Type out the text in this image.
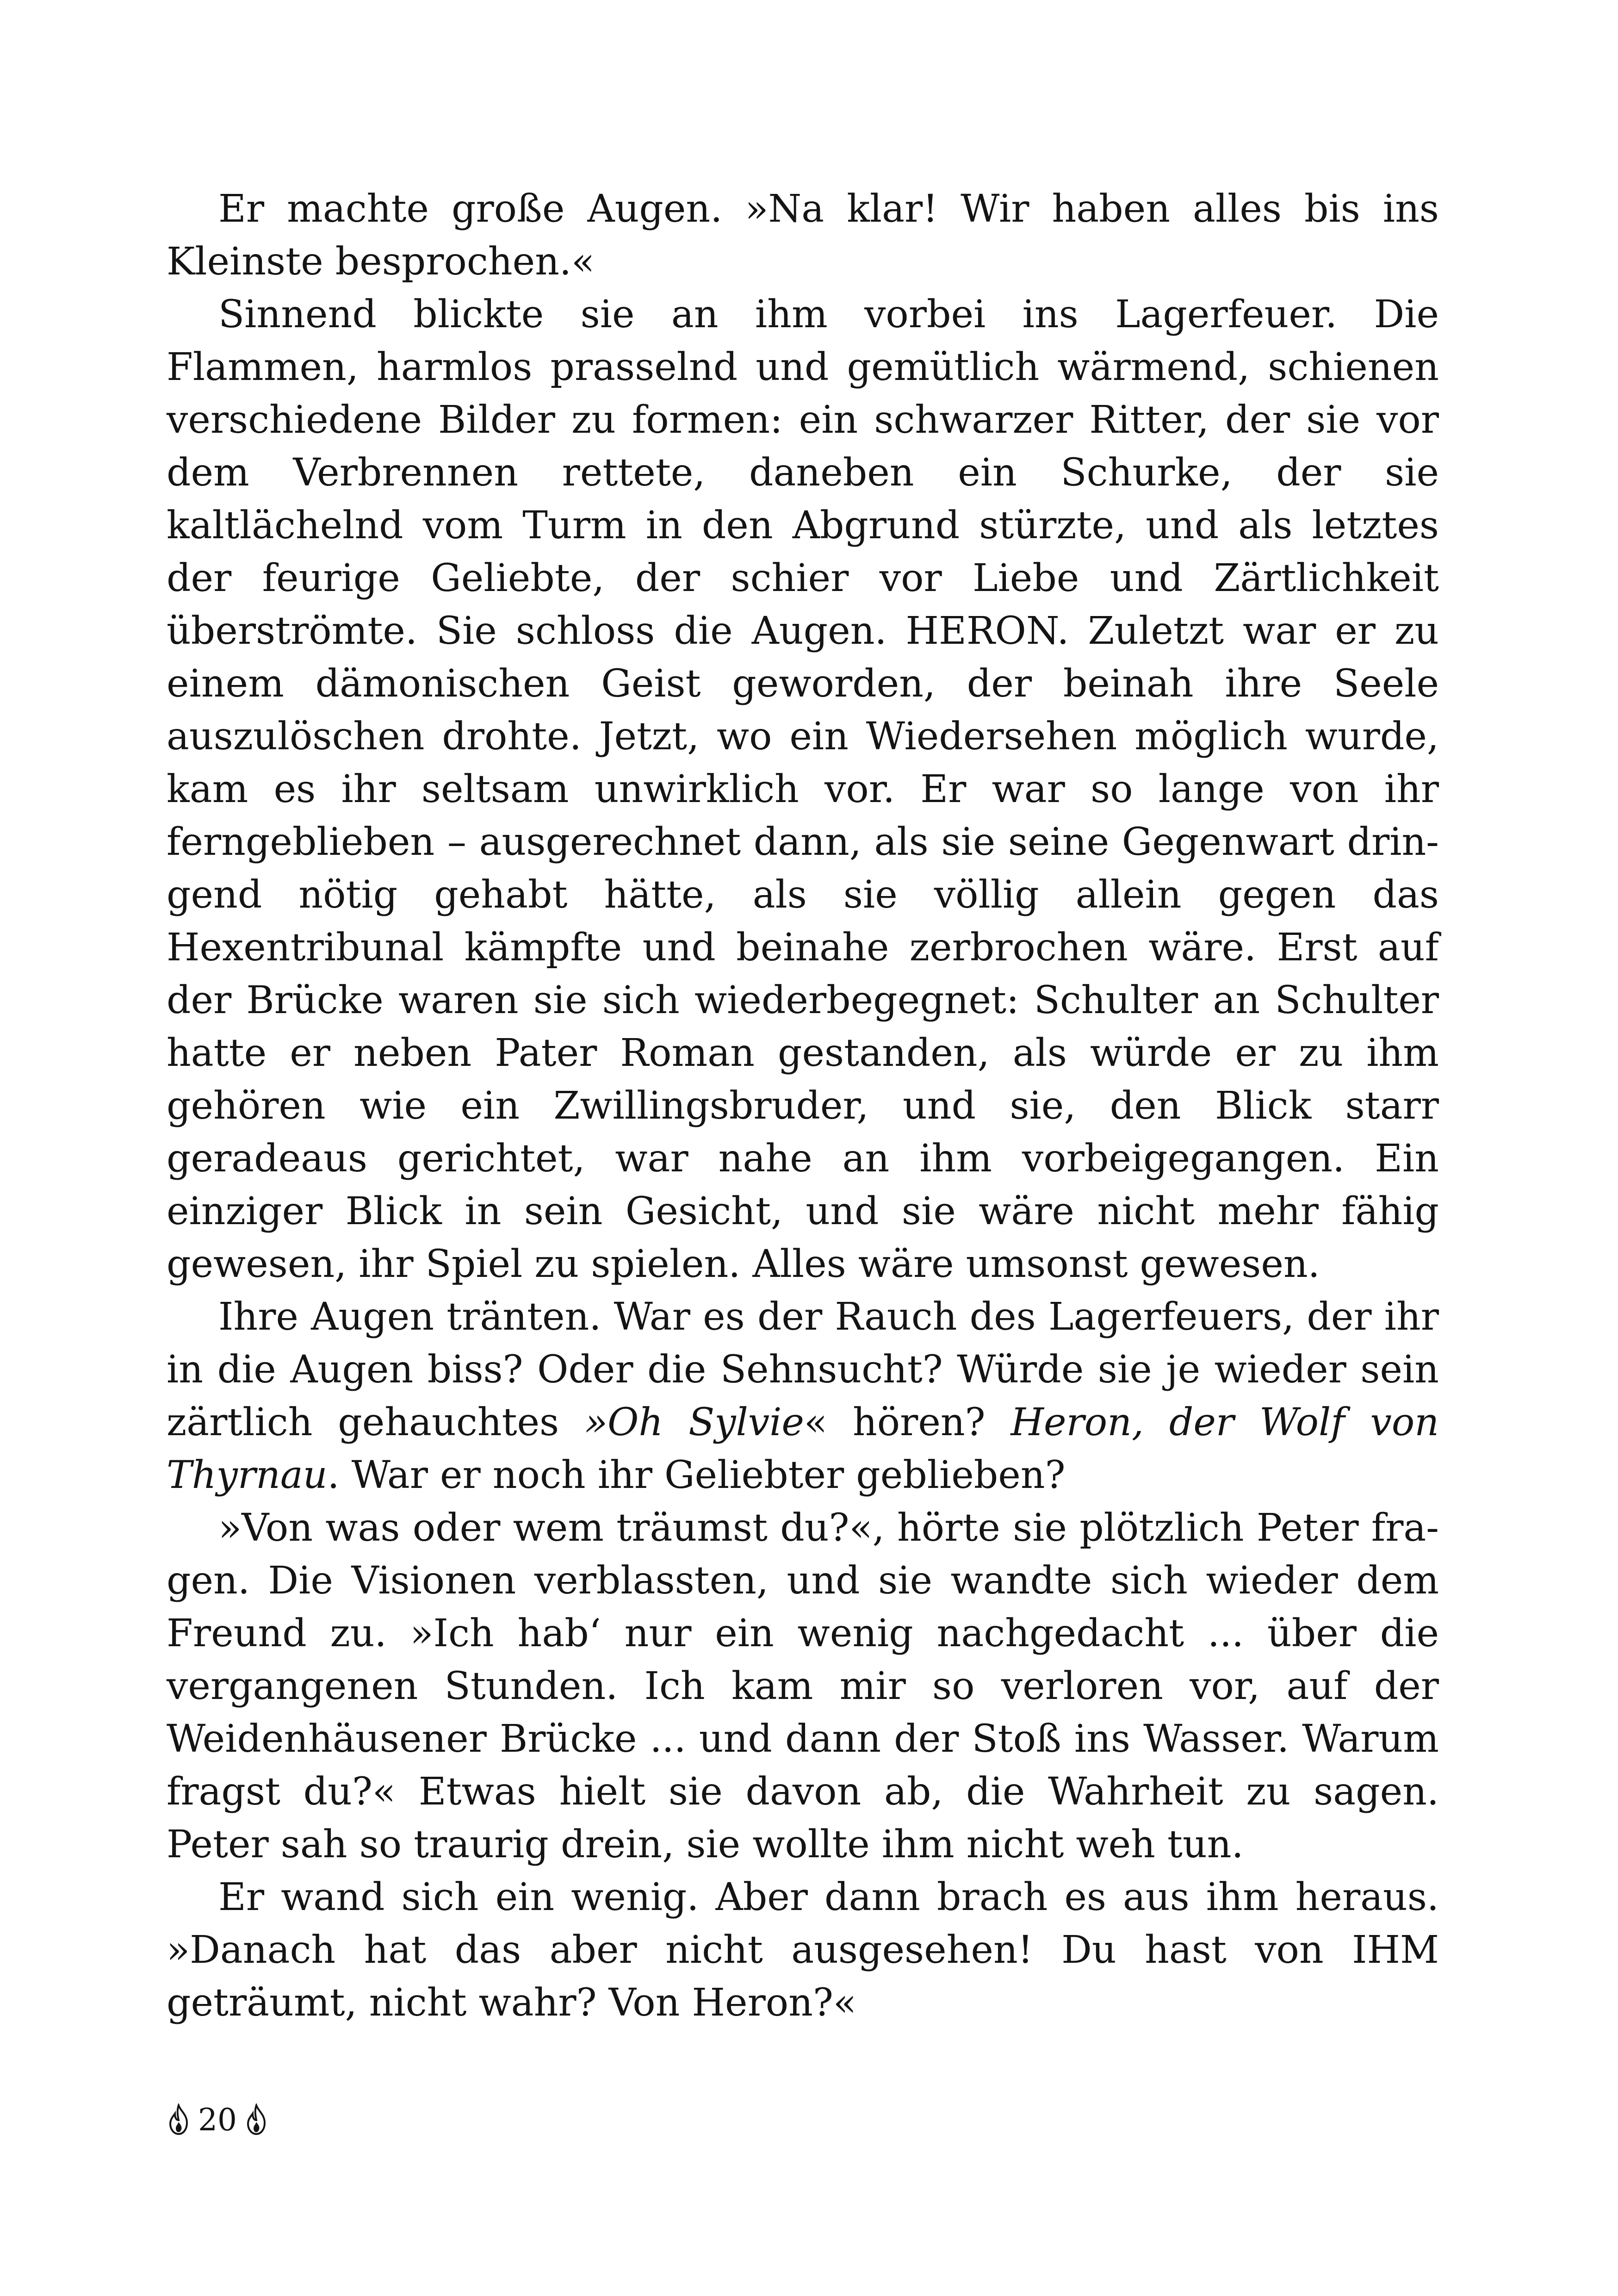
Er machte große Augen. »Na klar! Wir haben alles bis ins Kleinste besprochen.«

Sinnend blickte sie an ihm vorbei ins Lagerfeuer. Die Flammen, harmlos prasselnd und gemütlich wärmend, schienen verschiedene Bilder zu formen: ein schwarzer Ritter, der sie vor dem Verbrennen rettete, daneben ein Schurke, der sie kaltlächelnd vom Turm in den Abgrund stürzte, und als letztes der feurige Geliebte, der schier vor Liebe und Zärtlichkeit überströmte. Sie schloss die Augen. HERON. Zuletzt war er zu einem dämonischen Geist geworden, der beinah ihre Seele auszulöschen drohte. Jetzt, wo ein Wiedersehen möglich wurde, kam es ihr seltsam unwirklich vor. Er war so lange von ihr ferngeblieben – ausgerechnet dann, als sie seine Gegenwart dringend nötig gehabt hätte, als sie völlig allein gegen das Hexentribunal kämpfte und beinahe zerbrochen wäre. Erst auf der Brücke waren sie sich wiederbegegnet: Schulter an Schulter hatte er neben Pater Roman gestanden, als würde er zu ihm gehören wie ein Zwillingsbruder, und sie, den Blick starr geradeaus gerichtet, war nahe an ihm vorbeigegangen. Ein einziger Blick in sein Gesicht, und sie wäre nicht mehr fähig gewesen, ihr Spiel zu spielen. Alles wäre umsonst gewesen.

Ihre Augen tränten. War es der Rauch des Lagerfeuers, der ihr in die Augen biss? Oder die Sehnsucht? Würde sie je wieder sein zärtlich gehauchtes »Oh Sylvie« hören? Heron, der Wolf von Thyrnau. War er noch ihr Geliebter geblieben?

»Von was oder wem träumst du?«, hörte sie plötzlich Peter fragen. Die Visionen verblassten, und sie wandte sich wieder dem Freund zu. »Ich hab‘ nur ein wenig nachgedacht ... über die vergangenen Stunden. Ich kam mir so verloren vor, auf der Weidenhäusener Brücke ... und dann der Stoß ins Wasser. Warum fragst du?« Etwas hielt sie davon ab, die Wahrheit zu sagen. Peter sah so traurig drein, sie wollte ihm nicht weh tun.

Er wand sich ein wenig. Aber dann brach es aus ihm heraus. »Danach hat das aber nicht ausgesehen! Du hast von IHM geträumt, nicht wahr? Von Heron?«

20
